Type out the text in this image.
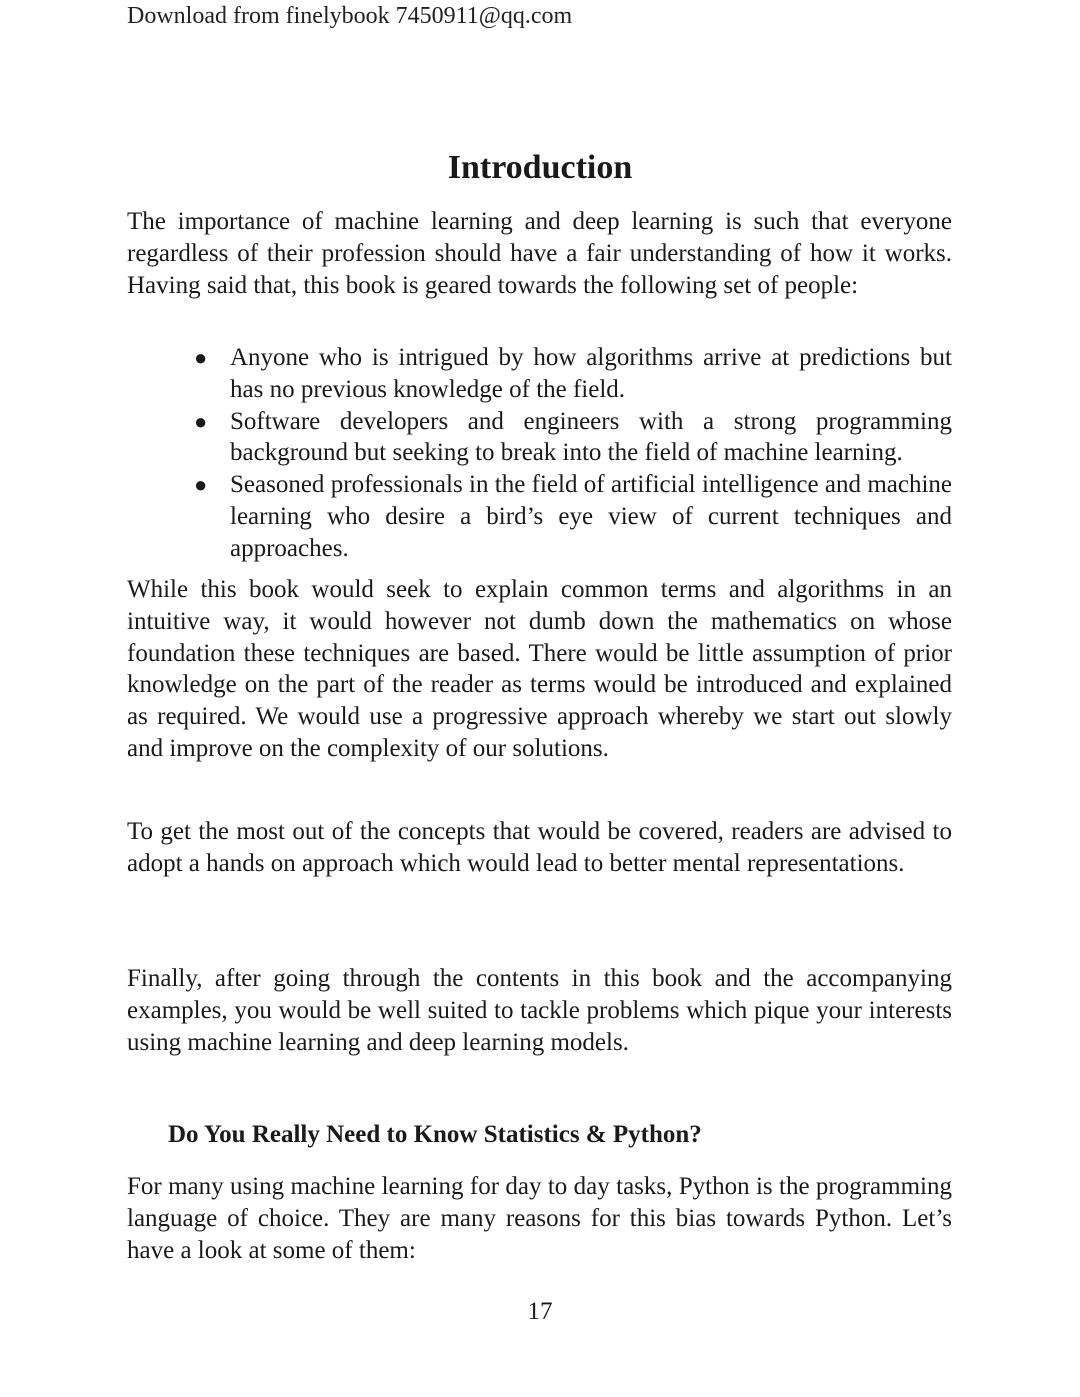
Download from finelybook 7450911@qq.com
Introduction

The importance of machine learning and deep learning is such that everyone regardless of their profession should have a fair understanding of how it works. Having said that, this book is geared towards the following set of people:

● Anyone who is intrigued by how algorithms arrive at predictions but has no previous knowledge of the field.
● Software developers and engineers with a strong programming background but seeking to break into the field of machine learning.
● Seasoned professionals in the field of artificial intelligence and machine learning who desire a bird’s eye view of current techniques and approaches.

While this book would seek to explain common terms and algorithms in an intuitive way, it would however not dumb down the mathematics on whose foundation these techniques are based. There would be little assumption of prior knowledge on the part of the reader as terms would be introduced and explained as required. We would use a progressive approach whereby we start out slowly and improve on the complexity of our solutions.

To get the most out of the concepts that would be covered, readers are advised to adopt a hands on approach which would lead to better mental representations.

Finally, after going through the contents in this book and the accompanying examples, you would be well suited to tackle problems which pique your interests using machine learning and deep learning models.

Do You Really Need to Know Statistics & Python?

For many using machine learning for day to day tasks, Python is the programming language of choice. They are many reasons for this bias towards Python. Let’s have a look at some of them:

17
